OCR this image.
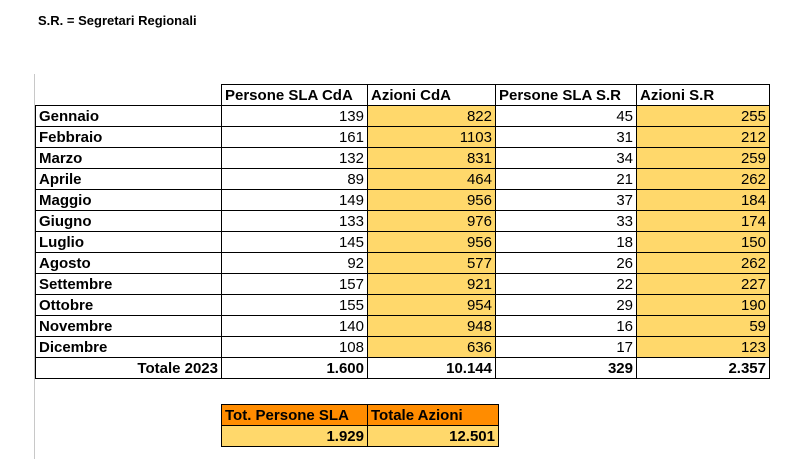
S.R. = Segretari Regionali
	Persone SLA CdA	Azioni CdA	Persone SLA S.R	Azioni S.R
Gennaio	139	822	45	255
Febbraio	161	1103	31	212
Marzo	132	831	34	259
Aprile	89	464	21	262
Maggio	149	956	37	184
Giugno	133	976	33	174
Luglio	145	956	18	150
Agosto	92	577	26	262
Settembre	157	921	22	227
Ottobre	155	954	29	190
Novembre	140	948	16	59
Dicembre	108	636	17	123
Totale 2023	1.600	10.144	329	2.357
Tot. Persone SLA	Totale Azioni
1.929	12.501
